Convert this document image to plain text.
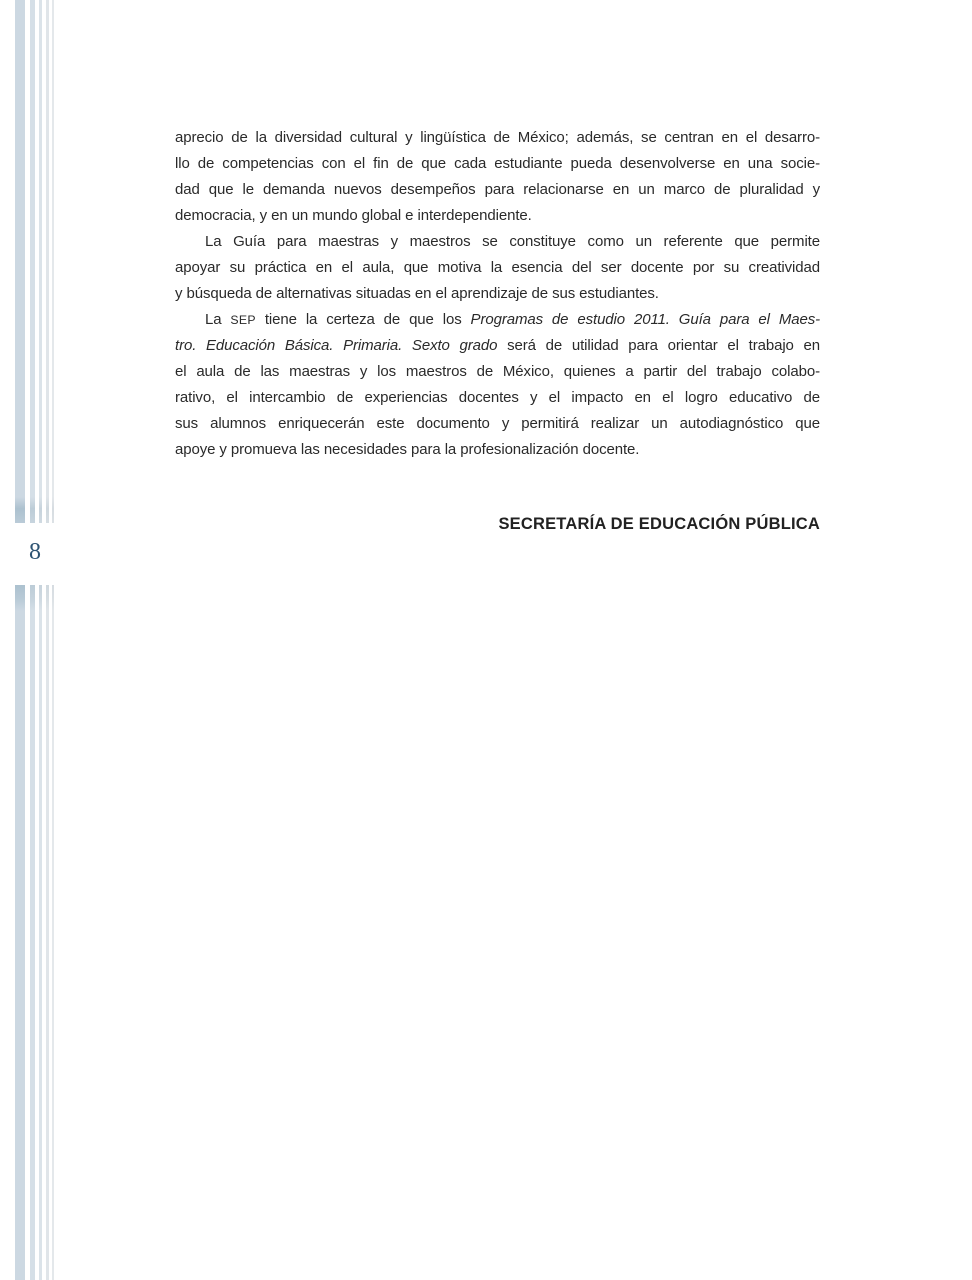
8
aprecio de la diversidad cultural y lingüística de México; además, se centran en el desarro-
llo de competencias con el fin de que cada estudiante pueda desenvolverse en una socie-
dad que le demanda nuevos desempeños para relacionarse en un marco de pluralidad y
democracia, y en un mundo global e interdependiente.
La Guía para maestras y maestros se constituye como un referente que permite
apoyar su práctica en el aula, que motiva la esencia del ser docente por su creatividad
y búsqueda de alternativas situadas en el aprendizaje de sus estudiantes.
La SEP tiene la certeza de que los Programas de estudio 2011. Guía para el Maes-
tro. Educación Básica. Primaria. Sexto grado será de utilidad para orientar el trabajo en
el aula de las maestras y los maestros de México, quienes a partir del trabajo colabo-
rativo, el intercambio de experiencias docentes y el impacto en el logro educativo de
sus alumnos enriquecerán este documento y permitirá realizar un autodiagnóstico que
apoye y promueva las necesidades para la profesionalización docente.
SECRETARÍA DE EDUCACIÓN PÚBLICA
